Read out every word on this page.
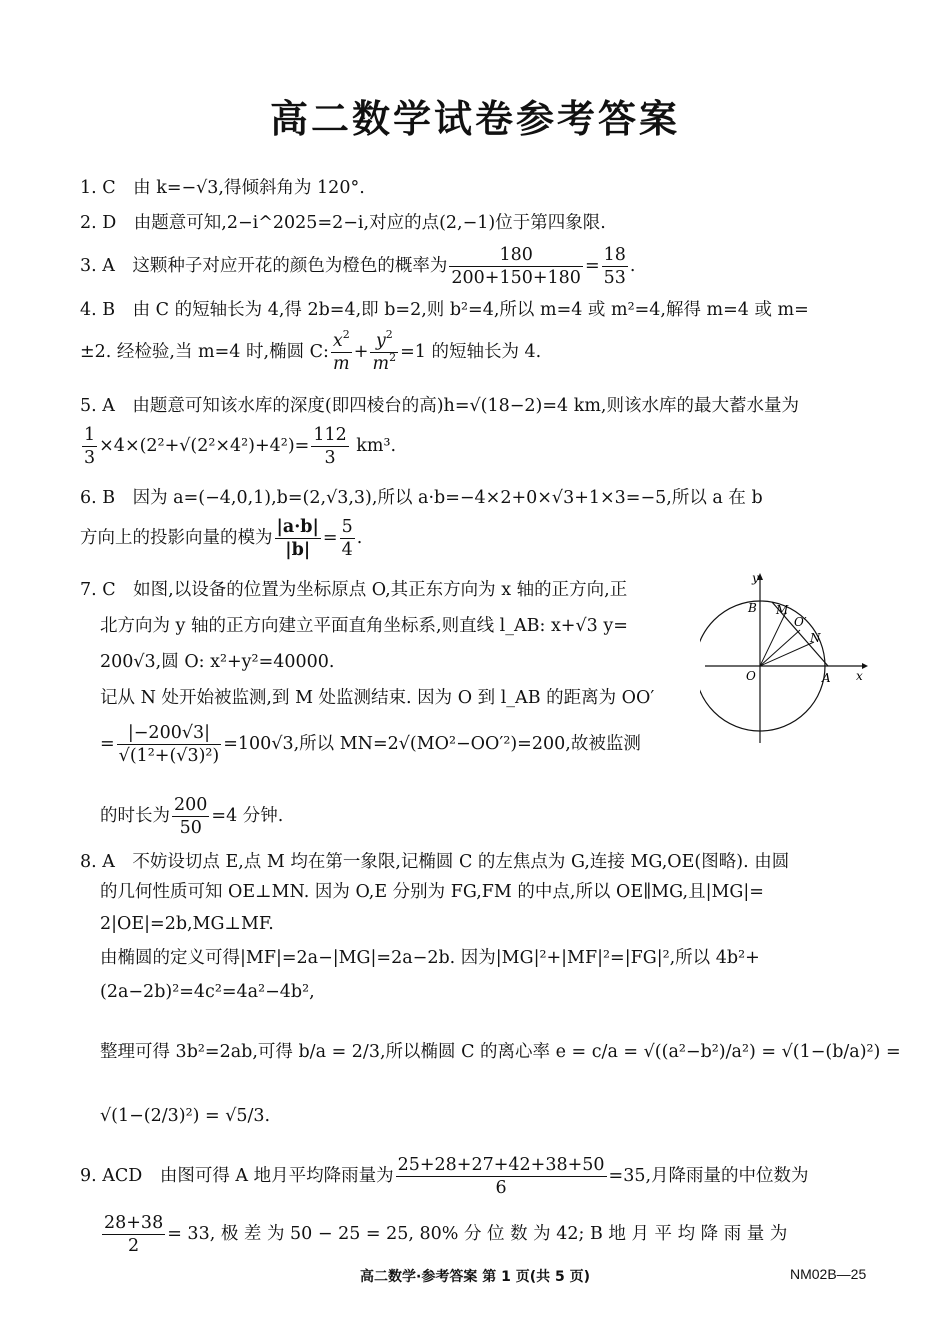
高二数学试卷参考答案
1. C　由 k=−√3,得倾斜角为 120°.
2. D　由题意可知,2−i^2025=2−i,对应的点(2,−1)位于第四象限.
3. A　这颗种子对应开花的颜色为橙色的概率为 $\frac{180}{200+150+180} = \frac{18}{53}$ .
4. B　由 C 的短轴长为 4,得 2b=4,即 b=2,则 b²=4,所以 m=4 或 m²=4,解得 m=4 或 m=
±2. 经检验,当 m=4 时,椭圆 C: $\frac{x^2}{m} + \frac{y^2}{m^2} =1$ 的短轴长为 4.
5. A　由题意可知该水库的深度(即四棱台的高)h=√(18−2)=4 km,则该水库的最大蓄水量为
$\frac{1}{3} \times 4\times(2^2+√(2^2\times 4^2)+4^2)= \frac{112}{3} km^3$.
6. B　因为 a=(−4,0,1),b=(2,√3,3),所以 a·b=−4×2+0×√3+1×3=−5,所以 a 在 b
方向上的投影向量的模为 $\frac{|a\cdot b|}{|b|} = \frac{5}{4}$ .
7. C　如图,以设备的位置为坐标原点 O,其正东方向为 x 轴的正方向,正
北方向为 y 轴的正方向建立平面直角坐标系,则直线 l_AB: x+√3 y=
200√3,圆 O: x²+y²=40000.
记从 N 处开始被监测,到 M 处监测结束. 因为 O 到 l_AB 的距离为 OO′
= $\frac{|-200√3|}{\text{√(1²+(√3)²)}} =100√3$,所以 MN=2√(MO²−OO′²)=200,故被监测
的时长为 $\frac{200}{50} =4$ 分钟.
y
x
O	A
B M
O′
N
8. A　不妨设切点 E,点 M 均在第一象限,记椭圆 C 的左焦点为 G,连接 MG,OE(图略). 由圆
的几何性质可知 OE⊥MN. 因为 O,E 分别为 FG,FM 的中点,所以 OE∥MG,且|MG|=
2|OE|=2b,MG⊥MF.
由椭圆的定义可得|MF|=2a−|MG|=2a−2b. 因为|MG|²+|MF|²=|FG|²,所以 4b²+
(2a−2b)²=4c²=4a²−4b²,
整理可得 3b²=2ab,可得 b/a = 2/3,所以椭圆 C 的离心率 e = c/a = √((a²−b²)/a²) = √(1−(b/a)²) =
√(1−(2/3)²) = √5/3.
9. ACD　由图可得 A 地月平均降雨量为 $\frac{25+28+27+42+38+50}{6} =35$,月降雨量的中位数为
$\frac{28+38}{2} = 33$, 极 差 为 50 − 25 = 25, 80% 分 位 数 为 42; B 地 月 平 均 降 雨 量 为
高二数学·参考答案 第 1 页(共 5 页)	NM02B—25
